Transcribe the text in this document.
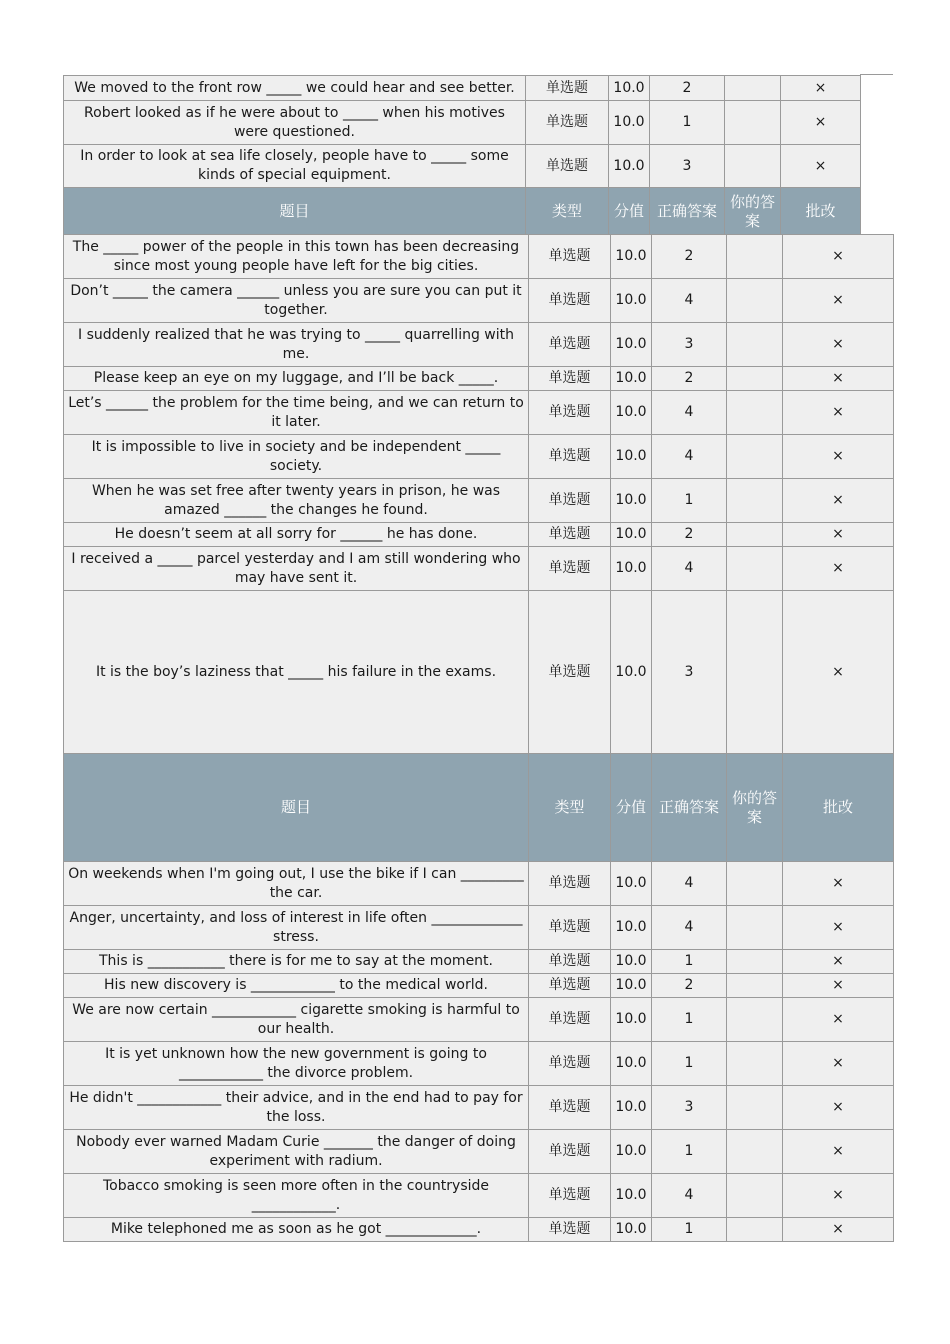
We moved to the front row _____ we could hear and see better.	单选题	10.0	2		×
Robert looked as if he were about to _____ when his motives were questioned.	单选题	10.0	1		×
In order to look at sea life closely, people have to _____ some kinds of special equipment.	单选题	10.0	3		×
题目	类型	分值	正确答案	你的答案	批改
The _____ power of the people in this town has been decreasing since most young people have left for the big cities.	单选题	10.0	2		×
Don’t _____ the camera ______ unless you are sure you can put it together.	单选题	10.0	4		×
I suddenly realized that he was trying to _____ quarrelling with me.	单选题	10.0	3		×
Please keep an eye on my luggage, and I’ll be back _____.	单选题	10.0	2		×
Let’s ______ the problem for the time being, and we can return to it later.	单选题	10.0	4		×
It is impossible to live in society and be independent _____ society.	单选题	10.0	4		×
When he was set free after twenty years in prison, he was amazed ______ the changes he found.	单选题	10.0	1		×
He doesn’t seem at all sorry for ______ he has done.	单选题	10.0	2		×
I received a _____ parcel yesterday and I am still wondering who may have sent it.	单选题	10.0	4		×
It is the boy’s laziness that _____ his failure in the exams.	单选题	10.0	3		×
题目	类型	分值	正确答案	你的答案	批改
On weekends when I'm going out, I use the bike if I can _________ the car.	单选题	10.0	4		×
Anger, uncertainty, and loss of interest in life often _____________ stress.	单选题	10.0	4		×
This is ___________ there is for me to say at the moment.	单选题	10.0	1		×
His new discovery is ____________ to the medical world.	单选题	10.0	2		×
We are now certain ____________ cigarette smoking is harmful to our health.	单选题	10.0	1		×
It is yet unknown how the new government is going to ____________ the divorce problem.	单选题	10.0	1		×
He didn't ____________ their advice, and in the end had to pay for the loss.	单选题	10.0	3		×
Nobody ever warned Madam Curie _______ the danger of doing experiment with radium.	单选题	10.0	1		×
Tobacco smoking is seen more often in the countryside ____________.	单选题	10.0	4		×
Mike telephoned me as soon as he got _____________.	单选题	10.0	1		×
